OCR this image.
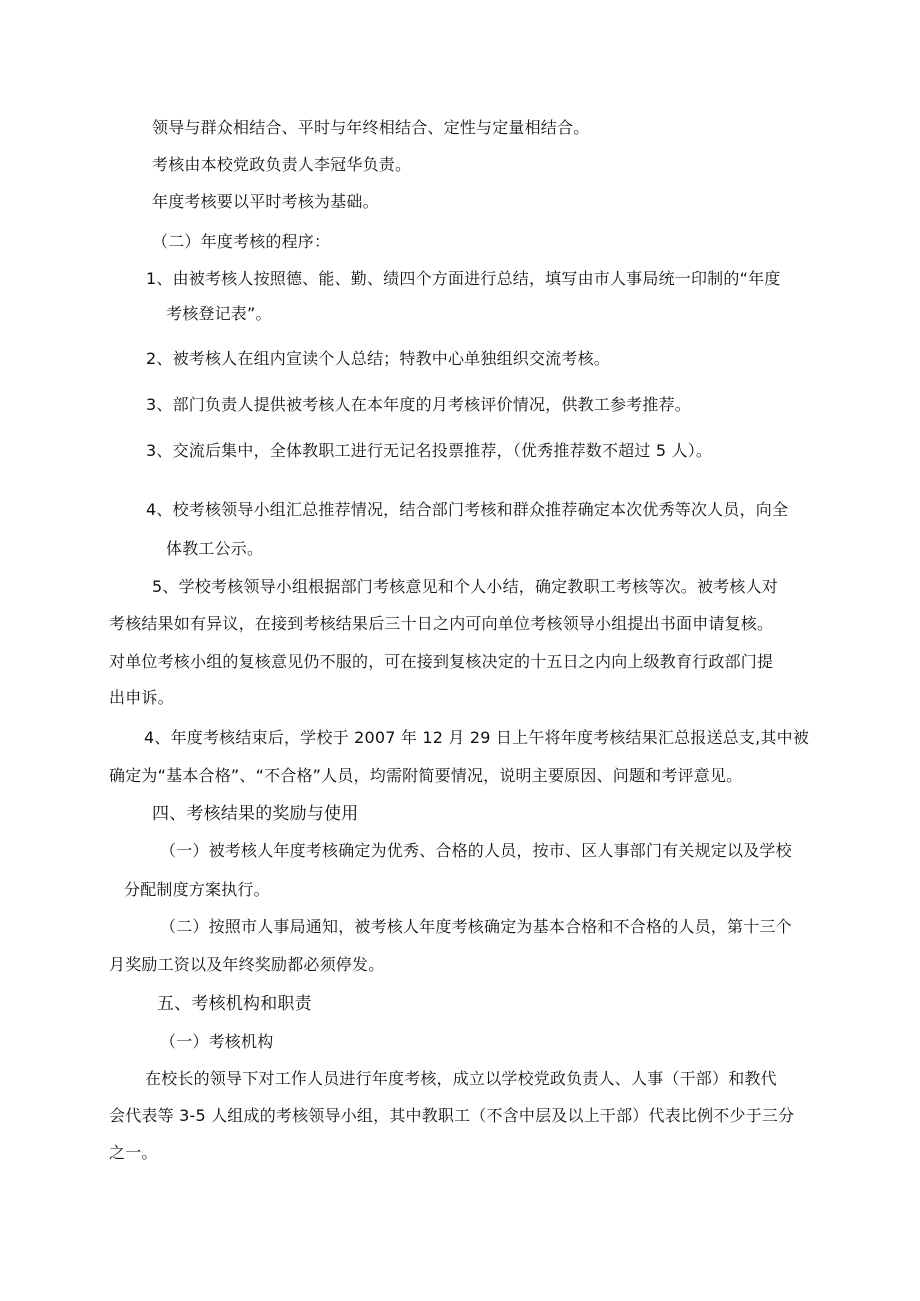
领导与群众相结合、平时与年终相结合、定性与定量相结合。
考核由本校党政负责人李冠华负责。
年度考核要以平时考核为基础。
（二）年度考核的程序：
1、由被考核人按照德、能、勤、绩四个方面进行总结，填写由市人事局统一印制的“年度
考核登记表”。
2、被考核人在组内宣读个人总结；特教中心单独组织交流考核。
3、部门负责人提供被考核人在本年度的月考核评价情况，供教工参考推荐。
3、交流后集中，全体教职工进行无记名投票推荐，（优秀推荐数不超过 5 人）。
4、校考核领导小组汇总推荐情况，结合部门考核和群众推荐确定本次优秀等次人员，向全
体教工公示。
5、学校考核领导小组根据部门考核意见和个人小结，确定教职工考核等次。被考核人对
考核结果如有异议，在接到考核结果后三十日之内可向单位考核领导小组提出书面申请复核。
对单位考核小组的复核意见仍不服的，可在接到复核决定的十五日之内向上级教育行政部门提
出申诉。
4、年度考核结束后，学校于 2007 年 12 月 29 日上午将年度考核结果汇总报送总支,其中被
确定为“基本合格”、“不合格”人员，均需附简要情况，说明主要原因、问题和考评意见。
四、考核结果的奖励与使用
（一）被考核人年度考核确定为优秀、合格的人员，按市、区人事部门有关规定以及学校
分配制度方案执行。
（二）按照市人事局通知，被考核人年度考核确定为基本合格和不合格的人员，第十三个
月奖励工资以及年终奖励都必须停发。
五、考核机构和职责
（一）考核机构
在校长的领导下对工作人员进行年度考核，成立以学校党政负责人、人事（干部）和教代
会代表等 3-5 人组成的考核领导小组，其中教职工（不含中层及以上干部）代表比例不少于三分
之一。
